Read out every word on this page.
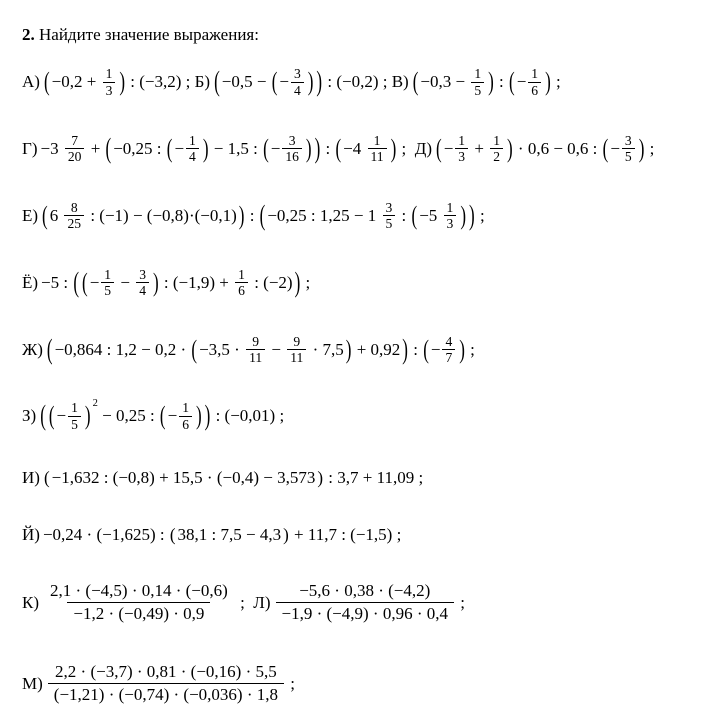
2. Найдите значение выражения:

А) ( $-0,2 + \frac{1}{3}$ ) : (−3,2) ; Б) ( −0,5 − ( − $\frac{3}{4}$ ) ) : (−0,2) ; В) ( $-0,3 - \frac{1}{5}$ ) : ( − $\frac{1}{6}$ ) ;
$Г) -3 \frac{7}{20}$ + ( −0,25 : ( − $\frac{1}{4}$ ) − 1,5 : ( − $\frac{3}{16}$ ) ) : ( $-4 \frac{1}{11}$ ) ; Д) ( − $\frac{1}{3} + \frac{1}{2}$ ) · 0,6 − 0,6 : ( − $\frac{3}{5}$ ) ;
Е) ( $6 \frac{8}{25}$ : (−1) − (−0,8)·(−0,1) ) : ( −0,25 : $1,25 - 1 \frac{3}{5}$ : ( $-5 \frac{1}{3}$ ) ) ;
Ё) −5 : ( ( − $\frac{1}{5} - \frac{3}{4}$ ) : $(-1,9) + \frac{1}{6}$ : (−2) ) ;
Ж) ( −0,864 : 1,2 − 0,2 · ( $-3,5 \cdot \frac{9}{11} - \frac{9}{11} \cdot 7,5$ ) + 0,92 ) : ( − $\frac{4}{7}$ ) ;
З) ( ( − $\frac{1}{5}$ ) 2
− 0,25 : ( − $\frac{1}{6}$ ) ) : (−0,01) ;
И) ( −1,632 : (−0,8) + 15,5 · (−0,4) − 3,573 ) : 3,7 + 11,09 ;
Й) −0,24 · (−1,625) : ( 38,1 : 7,5 − 4,3 ) + 11,7 : (−1,5) ;
$К) \frac{2,1 \cdot (-4,5) \cdot 0,14 \cdot (-0,6)}{-1,2 \cdot (-0,49) \cdot 0,9}$ ; $Л) \frac{-5,6 \cdot 0,38 \cdot (-4,2)}{-1,9 \cdot (-4,9) \cdot 0,96 \cdot 0,4}$ ;
$М) \frac{2,2 \cdot (-3,7) \cdot 0,81 \cdot (-0,16) \cdot 5,5}{(-1,21) \cdot (-0,74) \cdot (-0,036) \cdot 1,8}$ ;
